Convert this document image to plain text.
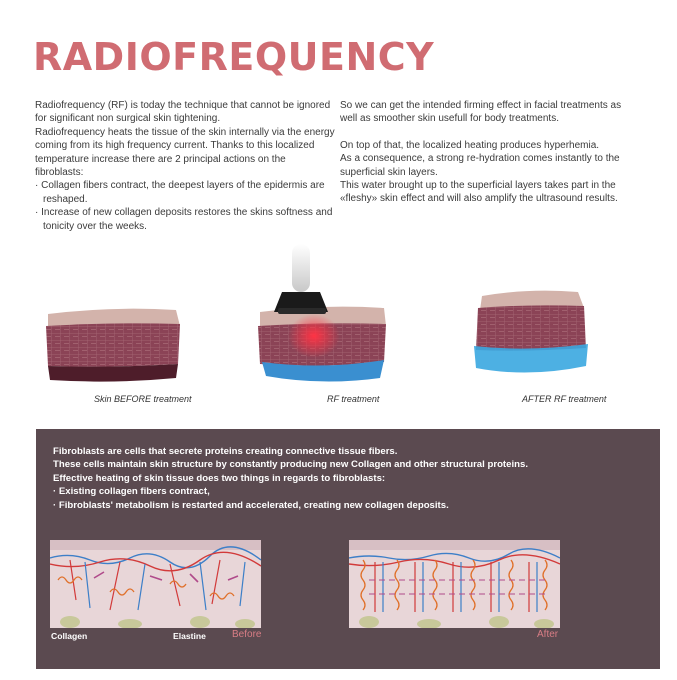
RADIOFREQUENCY

Radiofrequency (RF) is today the technique that cannot be ignored for significant non surgical skin tightening.

Radiofrequency heats the tissue of the skin internally via the energy coming from its high frequency current. Thanks to this localized temperature increase there are 2 principal actions on the fibroblasts:

· Collagen fibers contract, the deepest layers of the epidermis are reshaped.

· Increase of new collagen deposits restores the skins softness and tonicity over the weeks.

So we can get the intended firming effect in facial treatments as well as smoother skin usefull for body treatments.

On top of that, the localized heating produces hyperhemia.

As a consequence, a strong re-hydration comes instantly to the superficial skin layers.

This water brought up to the superficial layers takes part in the «fleshy» skin effect and will also amplify the ultrasound results.

Skin BEFORE treatment	RF treatment	AFTER RF treatment

Fibroblasts are cells that secrete proteins creating connective tissue fibers.

These cells maintain skin structure by constantly producing new Collagen and other structural proteins.

Effective heating of skin tissue does two things in regards to fibroblasts:

· Existing collagen fibers contract,

· Fibroblasts' metabolism is restarted and accelerated, creating new collagen deposits.

Collagen	Elastine	Before	After
